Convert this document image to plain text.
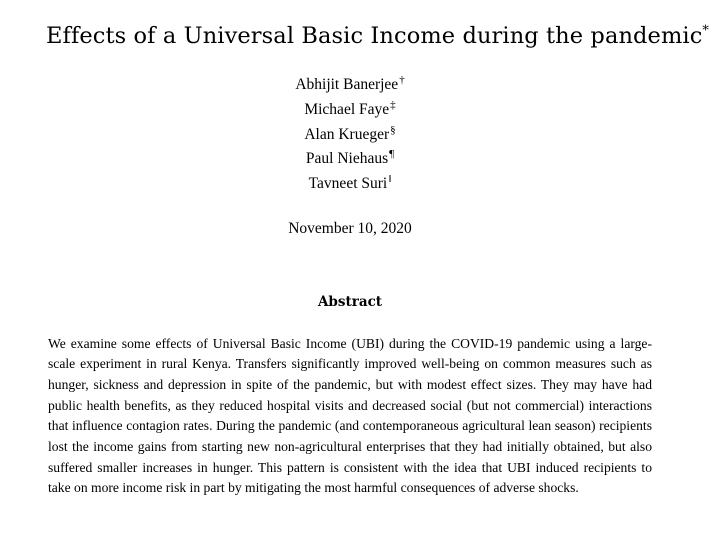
Effects of a Universal Basic Income during the pandemic*
Abhijit Banerjee†
Michael Faye‡
Alan Krueger§
Paul Niehaus¶
Tavneet Suri‖
November 10, 2020
Abstract
We examine some effects of Universal Basic Income (UBI) during the COVID-19 pandemic using a large-scale experiment in rural Kenya. Transfers significantly improved well-being on common measures such as hunger, sickness and depression in spite of the pandemic, but with modest effect sizes. They may have had public health benefits, as they reduced hospital visits and decreased social (but not commercial) interactions that influence contagion rates. During the pandemic (and contemporaneous agricultural lean season) recipients lost the income gains from starting new non-agricultural enterprises that they had initially obtained, but also suffered smaller increases in hunger. This pattern is consistent with the idea that UBI induced recipients to take on more income risk in part by mitigating the most harmful consequences of adverse shocks.
